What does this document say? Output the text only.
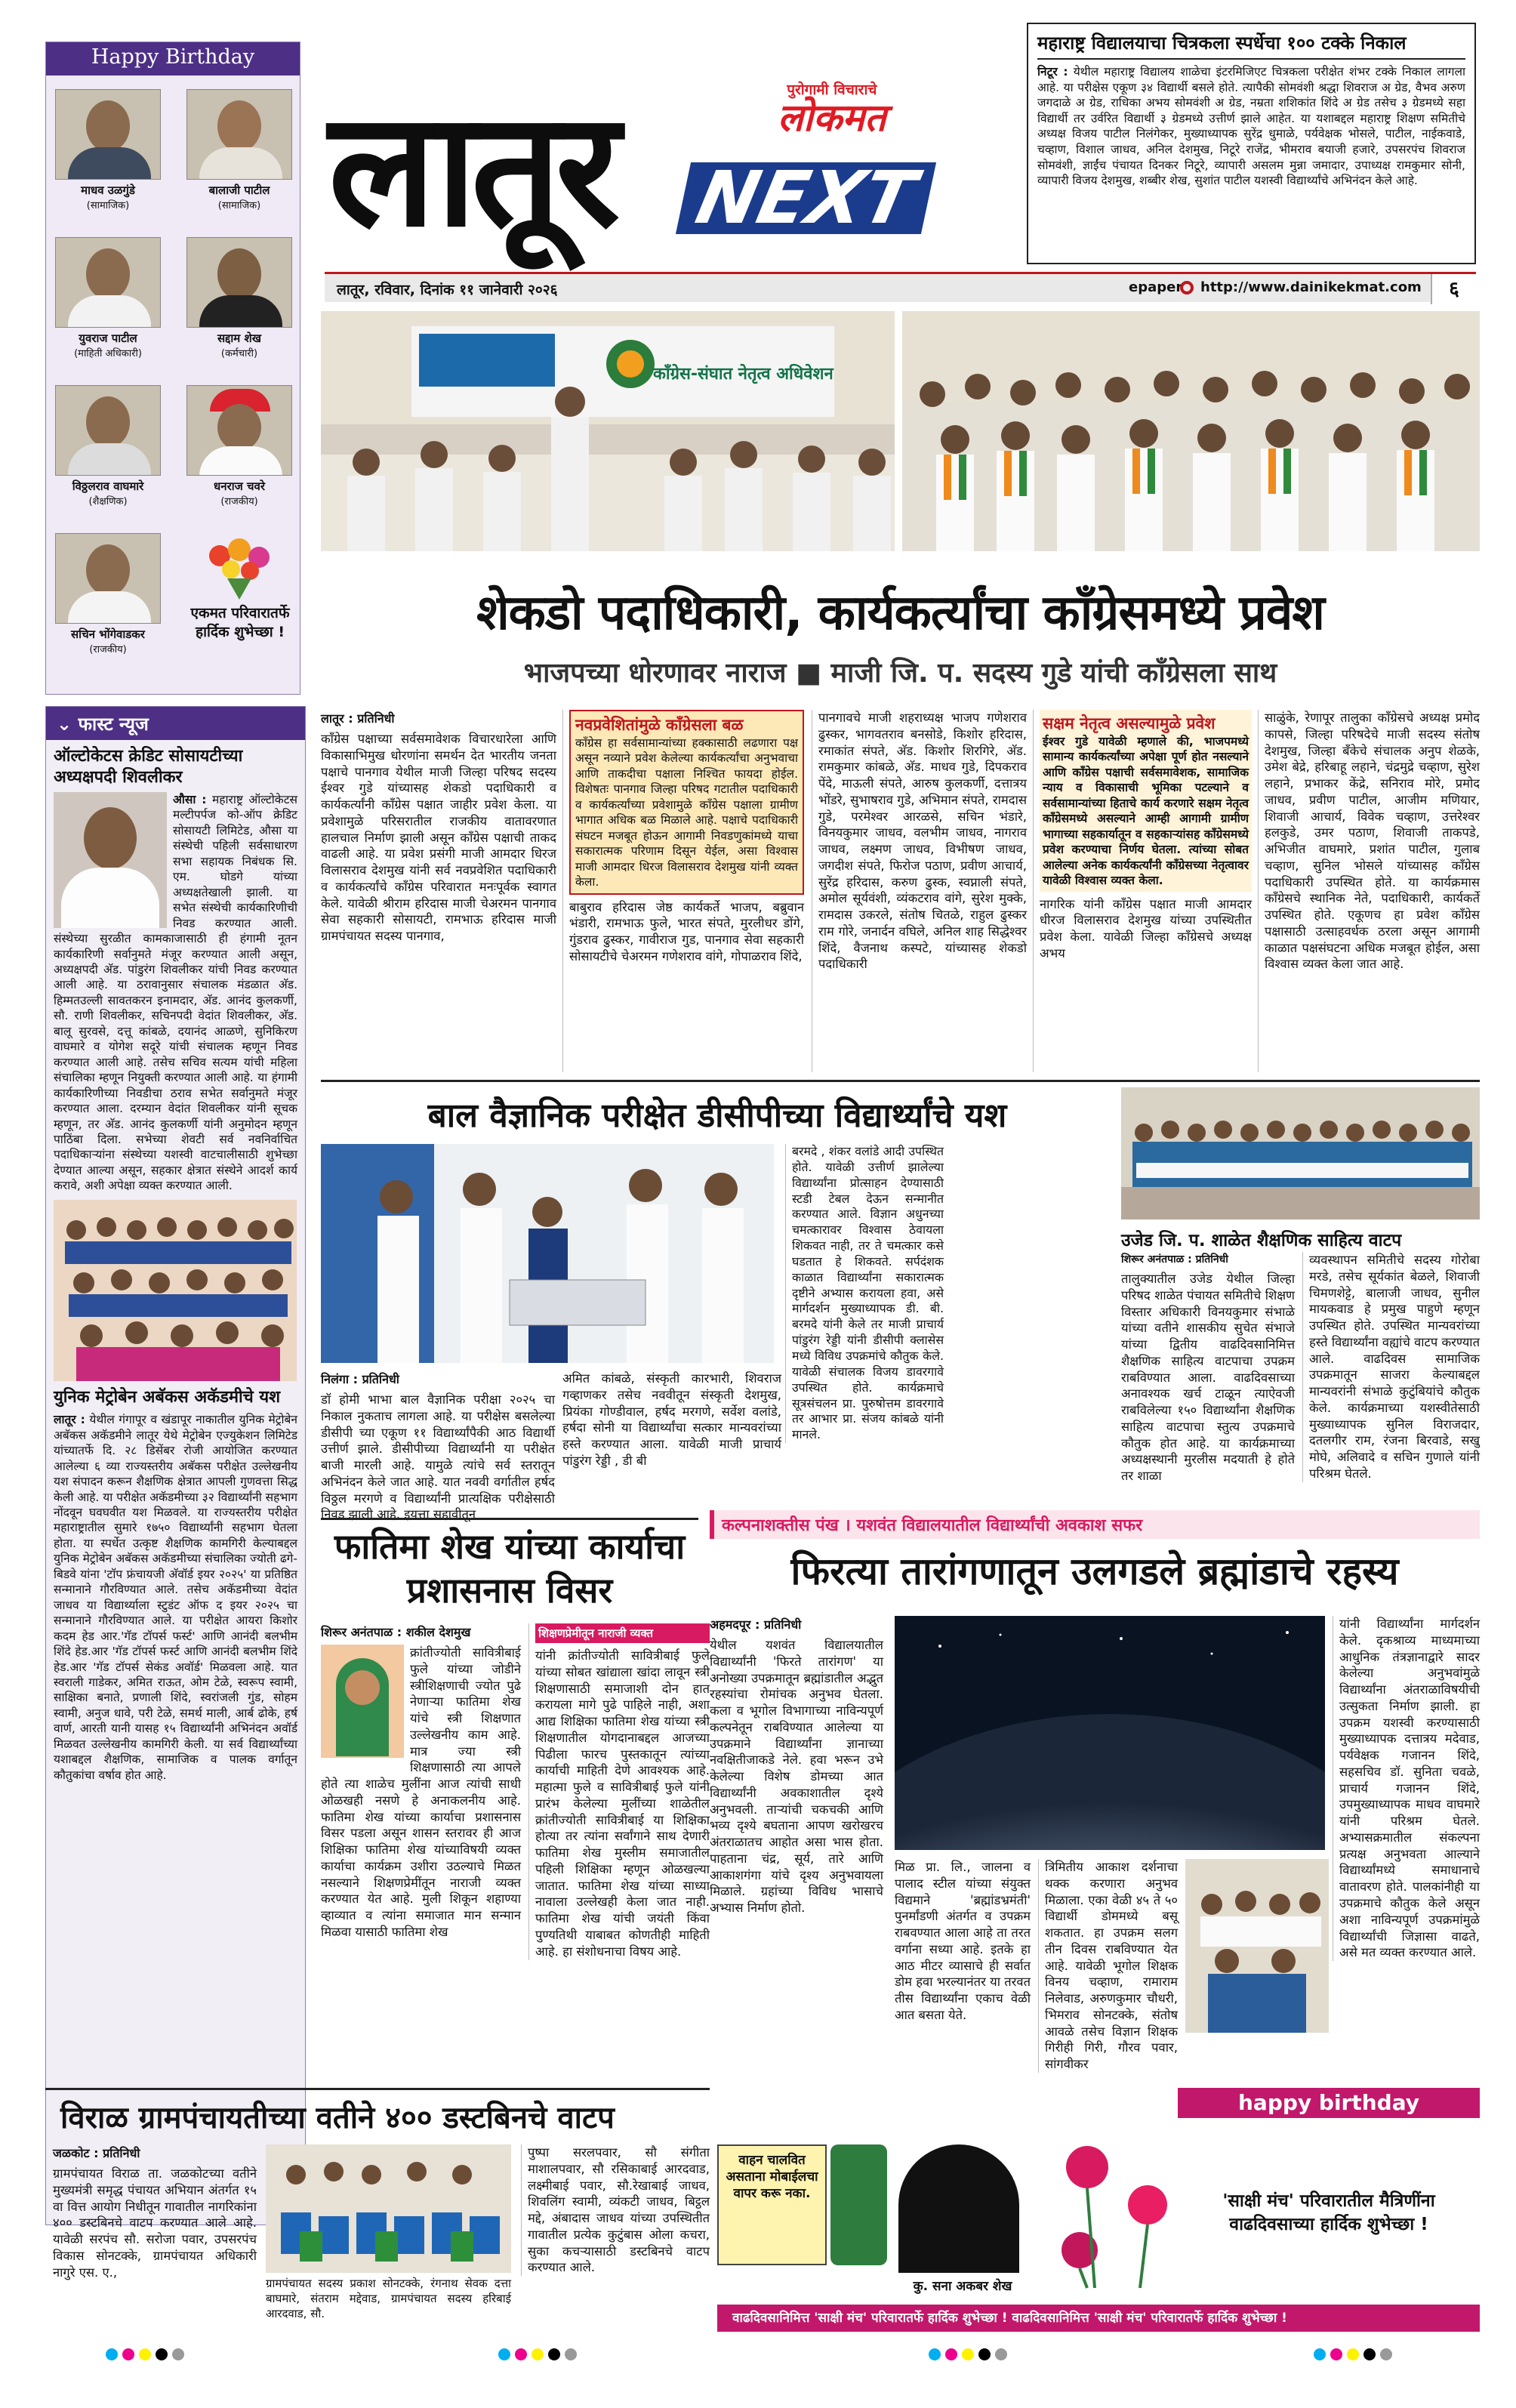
Happy Birthday
माधव उळगुंडे
(सामाजिक)
बालाजी पाटील
(सामाजिक)
युवराज पाटील
(माहिती अधिकारी)
सद्दाम शेख
(कर्मचारी)
विठ्ठलराव वाघमारे
(शैक्षणिक)
धनराज चवरे
(राजकीय)
सचिन भोंगेवाडकर
(राजकीय)
एकमत परिवारातर्फे हार्दिक शुभेच्छा !
लातूर NEXT
पुरोगामी विचाराचे
लोकमत
लातूर, रविवार, दिनांक ११ जानेवारी २०२६	epaper http://www.dainikekmat.com	६
महाराष्ट्र विद्यालयाचा चित्रकला स्पर्धेचा १०० टक्के निकाल

निटूर : येथील महाराष्ट्र विद्यालय शाळेचा इंटरमिजिएट चित्रकला परीक्षेत शंभर टक्के निकाल लागला आहे. या परीक्षेस एकूण ३४ विद्यार्थी बसले होते. त्यापैकी सोमवंशी श्रद्धा शिवराज अ ग्रेड, वैभव अरुण जगदाळे अ ग्रेड, राधिका अभय सोमवंशी अ ग्रेड, नम्रता शशिकांत शिंदे अ ग्रेड तसेच ३ ग्रेडमध्ये सहा विद्यार्थी तर उर्वरित विद्यार्थी ३ ग्रेडमध्ये उत्तीर्ण झाले आहेत. या यशाबद्दल महाराष्ट्र शिक्षण समितीचे अध्यक्ष विजय पाटील निलंगेकर, मुख्याध्यापक सुरेंद्र धुमाळे, पर्यवेक्षक भोसले, पाटील, नाईकवाडे, चव्हाण, विशाल जाधव, अनिल देशमुख, निटूरे राजेंद्र, भीमराव बयाजी हजारे, उपसरपंच शिवराज सोमवंशी, ज्ञाईंच पंचायत दिनकर निटूरे, व्यापारी असलम मुन्ना जमादार, उपाध्यक्ष रामकुमार सोनी, व्यापारी विजय देशमुख, शब्बीर शेख, सुशांत पाटील यशस्वी विद्यार्थ्यांचे अभिनंदन केले आहे.

काँग्रेस-संघात नेतृत्व अधिवेशन
शेकडो पदाधिकारी, कार्यकर्त्यांचा काँग्रेसमध्ये प्रवेश
भाजपच्या धोरणावर नाराज ■ माजी जि. प. सदस्य गुडे यांची काँग्रेसला साथ
लातूर : प्रतिनिधी

काँग्रेस पक्षाच्या सर्वसमावेशक विचारधारेला आणि विकासाभिमुख धोरणांना समर्थन देत भारतीय जनता पक्षाचे पानगाव येथील माजी जिल्हा परिषद सदस्य ईश्वर गुडे यांच्यासह शेकडो पदाधिकारी व कार्यकर्त्यांनी काँग्रेस पक्षात जाहीर प्रवेश केला. या प्रवेशामुळे परिसरातील राजकीय वातावरणात हालचाल निर्माण झाली असून काँग्रेस पक्षाची ताकद वाढली आहे. या प्रवेश प्रसंगी माजी आमदार धिरज विलासराव देशमुख यांनी सर्व नवप्रवेशित पदाधिकारी व कार्यकर्त्यांचे काँग्रेस परिवारात मनःपूर्वक स्वागत केले. यावेळी श्रीराम हरिदास माजी चेअरमन पानगाव सेवा सहकारी सोसायटी, रामभाऊ हरिदास माजी ग्रामपंचायत सदस्य पानगाव,

नवप्रवेशितांमुळे काँग्रेसला बळ

काँग्रेस हा सर्वसामान्यांच्या हक्कासाठी लढणारा पक्ष असून नव्याने प्रवेश केलेल्या कार्यकर्त्यांचा अनुभवाचा आणि ताकदीचा पक्षाला निश्चित फायदा होईल. विशेषतः पानगाव जिल्हा परिषद गटातील पदाधिकारी व कार्यकर्त्यांच्या प्रवेशामुळे काँग्रेस पक्षाला ग्रामीण भागात अधिक बळ मिळाले आहे. पक्षाचे पदाधिकारी संघटन मजबूत होऊन आगामी निवडणुकांमध्ये याचा सकारात्मक परिणाम दिसून येईल, असा विश्वास माजी आमदार धिरज विलासराव देशमुख यांनी व्यक्त केला.

बाबुराव हरिदास जेष्ठ कार्यकर्ते भाजप, बब्रुवान भंडारी, रामभाऊ फुले, भारत संपते, मुरलीधर डोंगे, गुंडराव ढुस्कर, गावीराज गुड, पानगाव सेवा सहकारी सोसायटीचे चेअरमन गणेशराव वांगे, गोपाळराव शिंदे,

पानगावचे माजी शहराध्यक्ष भाजप गणेशराव ढुस्कर, भागवतराव बनसोडे, किशोर हरिदास, रमाकांत संपते, अ‍ॅड. किशोर शिरगिरे, अ‍ॅड. रामकुमार कांबळे, अ‍ॅड. माधव गुडे, दिपकराव पेंदे, माऊली संपते, आरुष कुलकर्णी, दत्तात्रय भोंडरे, सुभाषराव गुडे, अभिमान संपते, रामदास गुडे, परमेश्वर आरळसे, सचिन भंडारे, विनयकुमार जाधव, वलभीम जाधव, नागराव जाधव, लक्ष्मण जाधव, विभीषण जाधव, जगदीश संपते, फिरोज पठाण, प्रवीण आचार्य, सुरेंद्र हरिदास, करुण ढुस्क, स्वप्नाली संपते, अमोल सूर्यवंशी, व्यंकटराव वांगे, सुरेश मुक्के, रामदास उकरले, संतोष चितळे, राहुल ढुस्कर राम गोरे, जनार्दन वघिले, अनिल शाह सिद्धेश्वर शिंदे, वैजनाथ कस्पटे, यांच्यासह शेकडो पदाधिकारी

सक्षम नेतृत्व असल्यामुळे प्रवेश

ईश्वर गुडे यावेळी म्हणाले की, भाजपमध्ये सामान्य कार्यकर्त्यांच्या अपेक्षा पूर्ण होत नसल्याने आणि काँग्रेस पक्षाची सर्वसमावेशक, सामाजिक न्याय व विकासाची भूमिका पटल्याने व सर्वसामान्यांच्या हिताचे कार्य करणारे सक्षम नेतृत्व काँग्रेसमध्ये असल्याने आम्ही आगामी ग्रामीण भागाच्या सहकार्यातून व सहकाऱ्यांसह काँग्रेसमध्ये प्रवेश करण्याचा निर्णय घेतला. त्यांच्या सोबत आलेल्या अनेक कार्यकर्त्यांनी काँग्रेसच्या नेतृत्वावर यावेळी विश्वास व्यक्त केला.

नागरिक यांनी काँग्रेस पक्षात माजी आमदार धीरज विलासराव देशमुख यांच्या उपस्थितीत प्रवेश केला. यावेळी जिल्हा काँग्रेसचे अध्यक्ष अभय

साळुंके, रेणापूर तालुका काँग्रेसचे अध्यक्ष प्रमोद कापसे, जिल्हा परिषदेचे माजी सदस्य संतोष देशमुख, जिल्हा बँकेचे संचालक अनुप शेळके, उमेश बेद्रे, हरिबाहू लहाने, चंद्रमुद्रे चव्हाण, सुरेश लहाने, प्रभाकर केंद्रे, सनिराव मोरे, प्रमोद जाधव, प्रवीण पाटील, आजीम मणियार, शिवाजी आचार्य, विवेक चव्हाण, उत्तरेश्वर हलकुडे, उमर पठाण, शिवाजी ताकपडे, अभिजीत वाघमारे, प्रशांत पाटील, गुलाब चव्हाण, सुनिल भोसले यांच्यासह काँग्रेस पदाधिकारी उपस्थित होते. या कार्यक्रमास काँग्रेसचे स्थानिक नेते, पदाधिकारी, कार्यकर्ते उपस्थित होते. एकूणच हा प्रवेश काँग्रेस पक्षासाठी उत्साहवर्धक ठरला असून आगामी काळात पक्षसंघटना अधिक मजबूत होईल, असा विश्वास व्यक्त केला जात आहे.

⌄ फास्ट न्यूज
ऑल्टोकेटस क्रेडिट सोसायटीच्या अध्यक्षपदी शिवलीकर

औसा : महाराष्ट्र ऑल्टोकेटस मल्टीपर्पज को-ऑप क्रेडिट सोसायटी लिमिटेड, औसा या संस्थेची पहिली सर्वसाधारण सभा सहायक निबंधक सि. एम. घोडगे यांच्या अध्यक्षतेखाली झाली. या सभेत संस्थेची कार्यकारिणीची निवड करण्यात आली. संस्थेच्या सुरळीत कामकाजासाठी ही हंगामी नूतन कार्यकारिणी सर्वानुमते मंजूर करण्यात आली असून, अध्यक्षपदी अ‍ॅड. पांडुरंग शिवलीकर यांची निवड करण्यात आली आहे. या ठरावानुसार संचालक मंडळात अ‍ॅड. हिम्मतउल्ली सावतकरन इनामदार, अ‍ॅड. आनंद कुलकर्णी, सौ. राणी शिवलीकर, सचिनपदी वेदांत शिवलीकर, अ‍ॅड. बालू सुरवसे, दत्तू कांबळे, दयानंद आळणे, सुनिकिरण वाघमारे व योगेश सदूरे यांची संचालक म्हणून निवड करण्यात आली आहे. तसेच सचिव सत्यम यांची महिला संचालिका म्हणून नियुक्ती करण्यात आली आहे. या हंगामी कार्यकारिणीच्या निवडीचा ठराव सभेत सर्वानुमते मंजूर करण्यात आला. दरम्यान वेदांत शिवलीकर यांनी सूचक म्हणून, तर अ‍ॅड. आनंद कुलकर्णी यांनी अनुमोदन म्हणून पाठिंबा दिला. सभेच्या शेवटी सर्व नवनिर्वाचित पदाधिकाऱ्यांना संस्थेच्या यशस्वी वाटचालीसाठी शुभेच्छा देण्यात आल्या असून, सहकार क्षेत्रात संस्थेने आदर्श कार्य करावे, अशी अपेक्षा व्यक्त करण्यात आली.

युनिक मेट्रोबेन अबॅकस अकॅडमीचे यश

लातूर : येथील गंगापूर व खंडापूर नाकातील युनिक मेट्रोबेन अबॅकस अकॅडमीने लातूर येथे मेट्रोबेन एज्युकेशन लिमिटेड यांच्यातर्फे दि. २८ डिसेंबर रोजी आयोजित करण्यात आलेल्या ६ व्या राज्यस्तरीय अबॅकस परीक्षेत उल्लेखनीय यश संपादन करून शैक्षणिक क्षेत्रात आपली गुणवत्ता सिद्ध केली आहे. या परीक्षेत अकॅडमीच्या ३२ विद्यार्थ्यांनी सहभाग नोंदवून घवघवीत यश मिळवले. या राज्यस्तरीय परीक्षेत महाराष्ट्रातील सुमारे १७५० विद्यार्थ्यांनी सहभाग घेतला होता. या स्पर्धेत उत्कृष्ट शैक्षणिक कामगिरी केल्याबद्दल युनिक मेट्रोबेन अबॅकस अकॅडमीच्या संचालिका ज्योती ढगे-बिडवे यांना 'टॉप फ्रंचायजी अ‍ॅवॉर्ड इयर २०२५' या प्रतिष्ठित सन्मानाने गौरविण्यात आले. तसेच अकॅडमीच्या वेदांत जाधव या विद्यार्थ्याला स्टुडंट ऑफ द इयर २०२५ चा सन्मानाने गौरविण्यात आले. या परीक्षेत आयरा किशोर कदम हेड आर.'गॅड टॉपर्स फर्स्ट' आणि आनंदी बलभीम शिंदे हेड.आर 'गॅड टॉपर्स फर्स्ट आणि आनंदी बलभीम शिंदे हेड.आर 'गॅड टॉपर्स सेकंड अवॉर्ड' मिळवला आहे. यात स्वराली गाडेकर, अमित राऊत, ओम टेळे, स्वरूप स्वामी, साक्षिका बनाते, प्रणाली शिंदे, स्वरांजली गुंड, सोहम स्वामी, अनुज धावे, परी टेळे, समर्थ माली, आर्ब ढोके, हर्ष वार्ण, आरती यानी यासह १५ विद्यार्थ्यांनी अभिनंदन अवॉर्ड मिळवत उल्लेखनीय कामगिरी केली. या सर्व विद्यार्थ्यांच्या यशाबद्दल शैक्षणिक, सामाजिक व पालक वर्गातून कौतुकांचा वर्षाव होत आहे.

बाल वैज्ञानिक परीक्षेत डीसीपीच्या विद्यार्थ्यांचे यश
निलंगा : प्रतिनिधी

डॉ होमी भाभा बाल वैज्ञानिक परीक्षा २०२५ चा निकाल नुकताच लागला आहे. या परीक्षेस बसलेल्या डीसीपी च्या एकूण ११ विद्यार्थ्यांपैकी आठ विद्यार्थी उत्तीर्ण झाले. डीसीपीच्या विद्यार्थ्यांनी या परीक्षेत बाजी मारली आहे. यामुळे त्यांचे सर्व स्तरातून अभिनंदन केले जात आहे. यात नववी वर्गातील हर्षद विठ्ठल मरगणे व विद्यार्थ्यांनी प्रात्यक्षिक परीक्षेसाठी निवड झाली आहे. इयत्ता सहावीतून

बरमदे , शंकर वलांडे आदी उपस्थित होते. यावेळी उत्तीर्ण झालेल्या विद्यार्थ्यांना प्रोत्साहन देण्यासाठी स्टडी टेबल देऊन सन्मानीत करण्यात आले. विज्ञान अधुनच्या चमत्कारावर विश्वास ठेवायला शिकवत नाही, तर ते चमत्कार कसे घडतात हे शिकवते. सर्पदंशक काळात विद्यार्थ्यांना सकारात्मक दृष्टीने अभ्यास करायला हवा, असे मार्गदर्शन मुख्याध्यापक डी. बी. बरमदे यांनी केले तर माजी प्राचार्य पांडुरंग रेड्डी यांनी डीसीपी क्लासेस मध्ये विविध उपक्रमांचे कौतुक केले. यावेळी संचालक विजय डावरगावे उपस्थित होते. कार्यक्रमाचे सूत्रसंचलन प्रा. पुरुषोत्तम डावरगावे तर आभार प्रा. संजय कांबळे यांनी मानले.

अमित कांबळे, संस्कृती कारभारी, शिवराज गव्हाणकर तसेच नववीतून संस्कृती देशमुख, प्रियंका गोण्डीवाल, हर्षद मरगणे, सर्वेश वलांडे, हर्षदा सोनी या विद्यार्थ्यांचा सत्कार मान्यवरांच्या हस्ते करण्यात आला. यावेळी माजी प्राचार्य पांडुरंग रेड्डी , डी बी

उजेड जि. प. शाळेत शैक्षणिक साहित्य वाटप
शिरूर अनंतपाळ : प्रतिनिधी

तालुक्यातील उजेड येथील जिल्हा परिषद शाळेत पंचायत समितीचे शिक्षण विस्तार अधिकारी विनयकुमार संभाळे यांच्या वतीने शासकीय सुचेत संभाजे यांच्या द्वितीय वाढदिवसानिमित्त शैक्षणिक साहित्य वाटपाचा उपक्रम राबविण्यात आला. वाढदिवसाच्या अनावश्यक खर्च टाळून त्याऐवजी राबविलेल्या १५० विद्यार्थ्यांना शैक्षणिक साहित्य वाटपाचा स्तुत्य उपक्रमाचे कौतुक होत आहे. या कार्यक्रमाच्या अध्यक्षस्थानी मुरलीस मदयाती हे होते तर शाळा

व्यवस्थापन समितीचे सदस्य गोरोबा मरडे, तसेच सूर्यकांत बेळले, शिवाजी चिमणशेट्टे, बालाजी जाधव, सुनील मायकवाड हे प्रमुख पाहुणे म्हणून उपस्थित होते. उपस्थित मान्यवरांच्या हस्ते विद्यार्थ्यांना वह्यांचे वाटप करण्यात आले. वाढदिवस सामाजिक उपक्रमातून साजरा केल्याबद्दल मान्यवरांनी संभाळे कुटुंबियांचे कौतुक केले. कार्यक्रमाच्या यशस्वीतेसाठी मुख्याध्यापक सुनिल विराजदार, दतलगीर राम, रंजना बिरवाडे, सखु मोघे, अलिवादे व सचिन गुणाले यांनी परिश्रम घेतले.

फातिमा शेख यांच्या कार्याचा प्रशासनास विसर
शिरूर अनंतपाळ : शकील देशमुख

क्रांतीज्योती सावित्रीबाई फुले यांच्या जोडीने स्त्रीशिक्षणाची ज्योत पुढे नेणाऱ्या फातिमा शेख यांचे स्त्री शिक्षणात उल्लेखनीय काम आहे. मात्र ज्या स्त्री शिक्षणासाठी त्या आपले होते त्या शाळेच मुलींना आज त्यांची साधी ओळखही नसणे हे अनाकलनीय आहे. फातिमा शेख यांच्या कार्याचा प्रशासनास विसर पडला असून शासन स्तरावर ही आज शिक्षिका फातिमा शेख यांच्याविषयी व्यक्त कार्याचा कार्यक्रम उशीरा उठल्याचे मिळत नसल्याने शिक्षणप्रेमींतून नाराजी व्यक्त करण्यात येत आहे. मुली शिकून शहाण्या व्हाव्यात व त्यांना समाजात मान सन्मान मिळवा यासाठी फातिमा शेख

शिक्षणप्रेमीतून नाराजी व्यक्त

यांनी क्रांतीज्योती सावित्रीबाई फुले यांच्या सोबत खांद्याला खांदा लावून स्त्री शिक्षणासाठी समाजाशी दोन हात करायला मागे पुढे पाहिले नाही, अशा आद्य शिक्षिका फातिमा शेख यांच्या स्त्री शिक्षणातील योगदानाबद्दल आजच्या पिढीला फारच पुस्तकातून त्यांच्या कार्याची माहिती देणे आवश्यक आहे. महात्मा फुले व सावित्रीबाई फुले यांनी प्रारंभ केलेल्या मुलींच्या शाळेतील क्रांतीज्योती सावित्रीबाई या शिक्षिका होत्या तर त्यांना सर्वांगाने साथ देणारी फातिमा शेख मुस्लीम समाजातील पहिली शिक्षिका म्हणून ओळखल्या जातात. फातिमा शेख यांच्या साध्या नावाला उल्लेखही केला जात नाही. फातिमा शेख यांची जयंती किंवा पुण्यतिथी याबाबत कोणतीही माहिती आहे. हा संशोधनाचा विषय आहे.

कल्पनाशक्तीस पंख । यशवंत विद्यालयातील विद्यार्थ्यांची अवकाश सफर
फिरत्या तारांगणातून उलगडले ब्रह्मांडाचे रहस्य
अहमदपूर : प्रतिनिधी

येथील यशवंत विद्यालयातील विद्यार्थ्यांनी 'फिरते तारांगण' या अनोख्या उपक्रमातून ब्रह्मांडातील अद्भुत रहस्यांचा रोमांचक अनुभव घेतला. कला व भूगोल विभागाच्या नाविन्यपूर्ण कल्पनेतून राबविण्यात आलेल्या या उपक्रमाने विद्यार्थ्यांना ज्ञानाच्या नवक्षितीजाकडे नेले. हवा भरून उभे केलेल्या विशेष डोमच्या आत विद्यार्थ्यांनी अवकाशातील दृश्ये अनुभवली. ताऱ्यांची चकचकी आणि भव्य दृश्ये बघताना आपण खरोखरच अंतराळातच आहोत असा भास होता. पाहताना चंद्र, सूर्य, तारे आणि आकाशगंगा यांचे दृश्य अनुभवायला मिळाले. ग्रहांच्या विविध भासाचे अभ्यास निर्माण होतो.

मिळ प्रा. लि., जालना व पालाद स्टील यांच्या संयुक्त विद्यमाने 'ब्रह्मांडभ्रमंती' पुनर्मांडणी अंतर्गत व उपक्रम राबवण्यात आला आहे ता तरत वर्गाना सध्या आहे. इतके हा आठ मीटर व्यासाचे ही सर्वात डोम हवा भरल्यानंतर या तरवत तीस विद्यार्थ्यांना एकाच वेळी आत बसता येते.

त्रिमितीय आकाश दर्शनाचा थक्क करणारा अनुभव मिळाला. एका वेळी ४५ ते ५० विद्यार्थी डोममध्ये बसू शकतात. हा उपक्रम सलग तीन दिवस राबविण्यात येत आहे. यावेळी भूगोल शिक्षक विनय चव्हाण, रामाराम निलेवाड, अरुणकुमार चौधरी, भिमराव सोनटक्के, संतोष आवळे तसेच विज्ञान शिक्षक गिरीही गिरी, गौरव पवार, सांगवीकर

यांनी विद्यार्थ्यांना मार्गदर्शन केले. दृकश्राव्य माध्यमाच्या आधुनिक तंत्रज्ञानाद्वारे सादर केलेल्या अनुभवांमुळे विद्यार्थ्यांना अंतराळाविषयीची उत्सुकता निर्माण झाली. हा उपक्रम यशस्वी करण्यासाठी मुख्याध्यापक दत्तात्रय मदेवाड, पर्यवेक्षक गजानन शिंदे, सहसचिव डॉ. सुनिता चवळे, प्राचार्य गजानन शिंदे, उपमुख्याध्यापक माधव वाघमारे यांनी परिश्रम घेतले. अभ्यासक्रमातील संकल्पना प्रत्यक्ष अनुभवता आल्याने विद्यार्थ्यांमध्ये समाधानाचे वातावरण होते. पालकांनीही या उपक्रमाचे कौतुक केले असून अशा नाविन्यपूर्ण उपक्रमांमुळे विद्यार्थ्यांची जिज्ञासा वाढते, असे मत व्यक्त करण्यात आले.

विराळ ग्रामपंचायतीच्या वतीने ४०० डस्टबिनचे वाटप
जळकोट : प्रतिनिधी

ग्रामपंचायत विराळ ता. जळकोटच्या वतीने मुख्यमंत्री समृद्ध पंचायत अभियान अंतर्गत १५ वा वित्त आयोग निधीतून गावातील नागरिकांना ४०० डस्टबिनचे वाटप करण्यात आले आहे. यावेळी सरपंच सौ. सरोजा पवार, उपसरपंच विकास सोनटक्के, ग्रामपंचायत अधिकारी नागुरे एस. ए.,

ग्रामपंचायत सदस्य प्रकाश सोनटक्के, रंगनाथ सेवक दत्ता बाघमारे, संतराम मद्देवाड, ग्रामपंचायत सदस्य हरिबाई आरदवाड, सौ.

पुष्पा सरलपवार, सौ संगीता माशालपवार, सौ रसिकाबाई आरदवाड, लक्ष्मीबाई पवार, सौ.रेखाबाई जाधव, शिवलिंग स्वामी, व्यंकटी जाधव, बिट्ठल मद्दे, अंबादास जाधव यांच्या उपस्थितीत गावातील प्रत्येक कुटुंबास ओला कचरा, सुका कचऱ्यासाठी डस्टबिनचे वाटप करण्यात आले.

वाहन चालवित असताना मोबाईलचा वापर करू नका.
कु. सना अकबर शेख
happy birthday
'साक्षी मंच' परिवारातील मैत्रिणींना वाढदिवसाच्या हार्दिक शुभेच्छा !
वाढदिवसानिमित्त 'साक्षी मंच' परिवारातर्फे हार्दिक शुभेच्छा ! वाढदिवसानिमित्त 'साक्षी मंच' परिवारातर्फे हार्दिक शुभेच्छा !
